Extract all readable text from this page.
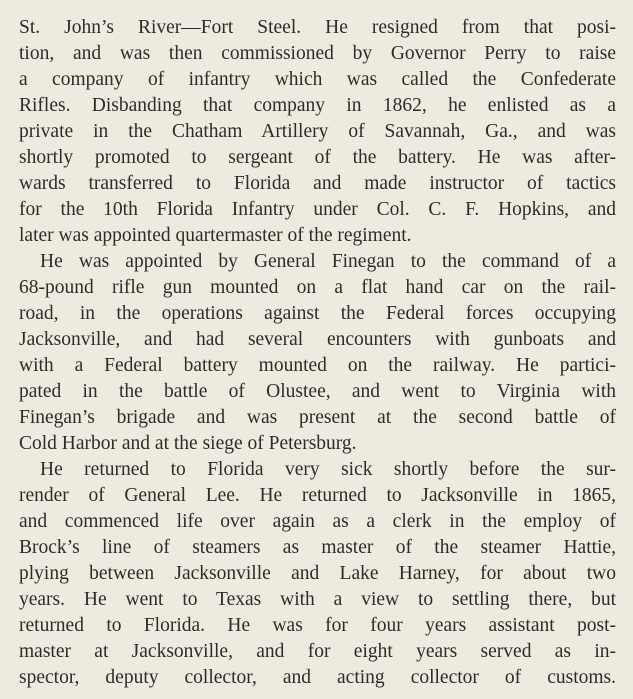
St. John’s River—Fort Steel. He resigned from that posi-
tion, and was then commissioned by Governor Perry to raise
a company of infantry which was called the Confederate
Rifles. Disbanding that company in 1862, he enlisted as a
private in the Chatham Artillery of Savannah, Ga., and was
shortly promoted to sergeant of the battery. He was after-
wards transferred to Florida and made instructor of tactics
for the 10th Florida Infantry under Col. C. F. Hopkins, and
later was appointed quartermaster of the regiment.
He was appointed by General Finegan to the command of a
68-pound rifle gun mounted on a flat hand car on the rail-
road, in the operations against the Federal forces occupying
Jacksonville, and had several encounters with gunboats and
with a Federal battery mounted on the railway. He partici-
pated in the battle of Olustee, and went to Virginia with
Finegan’s brigade and was present at the second battle of
Cold Harbor and at the siege of Petersburg.
He returned to Florida very sick shortly before the sur-
render of General Lee. He returned to Jacksonville in 1865,
and commenced life over again as a clerk in the employ of
Brock’s line of steamers as master of the steamer Hattie,
plying between Jacksonville and Lake Harney, for about two
years. He went to Texas with a view to settling there, but
returned to Florida. He was for four years assistant post-
master at Jacksonville, and for eight years served as in-
spector, deputy collector, and acting collector of customs.
